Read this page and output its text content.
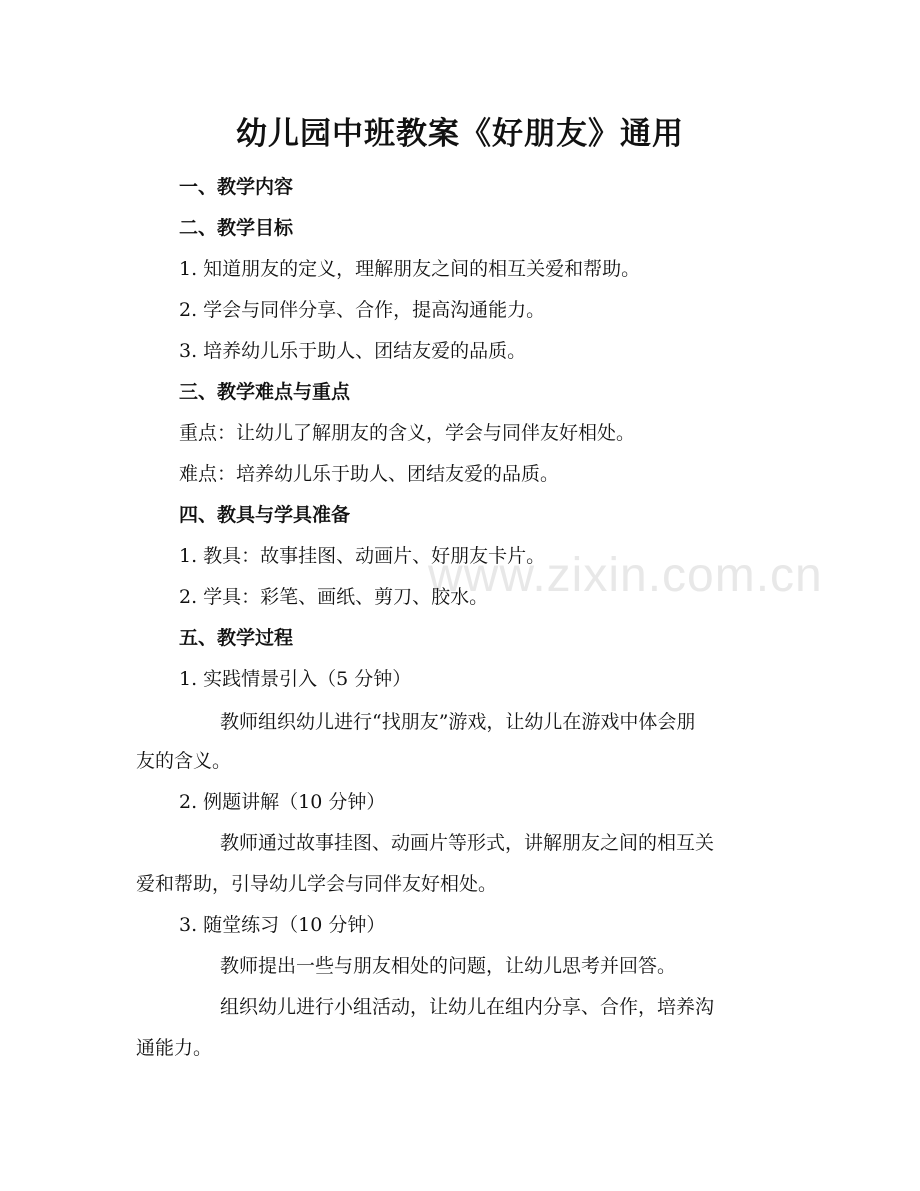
www.zixin.com.cn
幼儿园中班教案《好朋友》通用

一、教学内容

二、教学目标

1. 知道朋友的定义，理解朋友之间的相互关爱和帮助。

2. 学会与同伴分享、合作，提高沟通能力。

3. 培养幼儿乐于助人、团结友爱的品质。

三、教学难点与重点

重点：让幼儿了解朋友的含义，学会与同伴友好相处。

难点：培养幼儿乐于助人、团结友爱的品质。

四、教具与学具准备

1. 教具：故事挂图、动画片、好朋友卡片。

2. 学具：彩笔、画纸、剪刀、胶水。

五、教学过程

1. 实践情景引入（5 分钟）

教师组织幼儿进行“找朋友”游戏，让幼儿在游戏中体会朋

友的含义。

2. 例题讲解（10 分钟）

教师通过故事挂图、动画片等形式，讲解朋友之间的相互关

爱和帮助，引导幼儿学会与同伴友好相处。

3. 随堂练习（10 分钟）

教师提出一些与朋友相处的问题，让幼儿思考并回答。

组织幼儿进行小组活动，让幼儿在组内分享、合作，培养沟

通能力。
